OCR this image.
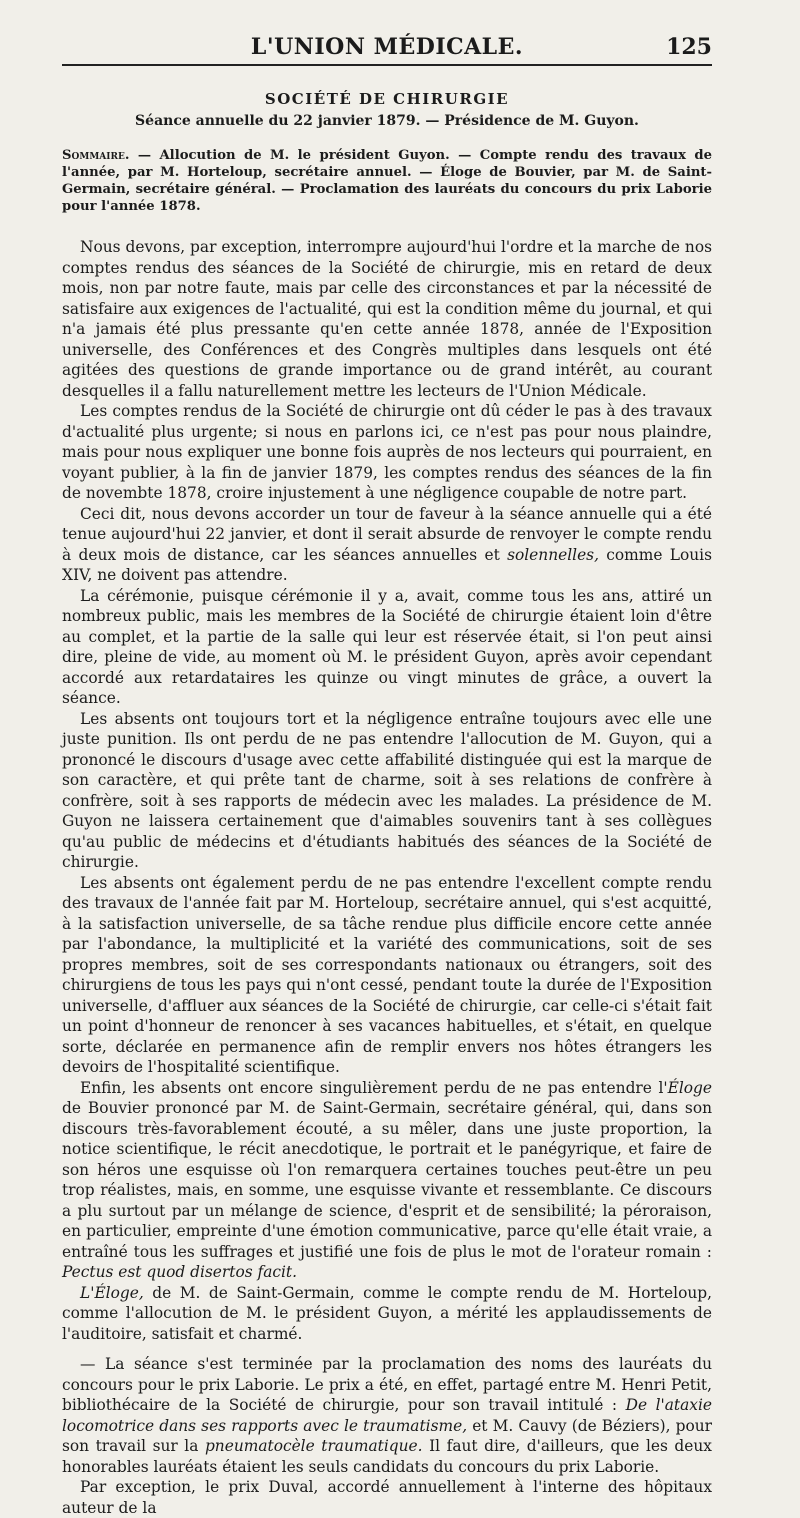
L'UNION MÉDICALE.	125
SOCIÉTÉ DE CHIRURGIE
Séance annuelle du 22 janvier 1879. — Présidence de M. Guyon.

Sommaire. — Allocution de M. le président Guyon. — Compte rendu des travaux de l'année, par M. Horteloup, secrétaire annuel. — Éloge de Bouvier, par M. de Saint-Germain, secrétaire général. — Proclamation des lauréats du concours du prix Laborie pour l'année 1878.

Nous devons, par exception, interrompre aujourd'hui l'ordre et la marche de nos comptes rendus des séances de la Société de chirurgie, mis en retard de deux mois, non par notre faute, mais par celle des circonstances et par la nécessité de satisfaire aux exigences de l'actualité, qui est la condition même du journal, et qui n'a jamais été plus pressante qu'en cette année 1878, année de l'Exposition universelle, des Conférences et des Congrès multiples dans lesquels ont été agitées des questions de grande importance ou de grand intérêt, au courant desquelles il a fallu naturellement mettre les lecteurs de l'Union Médicale.

Les comptes rendus de la Société de chirurgie ont dû céder le pas à des travaux d'actualité plus urgente; si nous en parlons ici, ce n'est pas pour nous plaindre, mais pour nous expliquer une bonne fois auprès de nos lecteurs qui pourraient, en voyant publier, à la fin de janvier 1879, les comptes rendus des séances de la fin de novembte 1878, croire injustement à une négligence coupable de notre part.

Ceci dit, nous devons accorder un tour de faveur à la séance annuelle qui a été tenue aujourd'hui 22 janvier, et dont il serait absurde de renvoyer le compte rendu à deux mois de distance, car les séances annuelles et solennelles, comme Louis XIV, ne doivent pas attendre.

La cérémonie, puisque cérémonie il y a, avait, comme tous les ans, attiré un nombreux public, mais les membres de la Société de chirurgie étaient loin d'être au complet, et la partie de la salle qui leur est réservée était, si l'on peut ainsi dire, pleine de vide, au moment où M. le président Guyon, après avoir cependant accordé aux retardataires les quinze ou vingt minutes de grâce, a ouvert la séance.

Les absents ont toujours tort et la négligence entraîne toujours avec elle une juste punition. Ils ont perdu de ne pas entendre l'allocution de M. Guyon, qui a prononcé le discours d'usage avec cette affabilité distinguée qui est la marque de son caractère, et qui prête tant de charme, soit à ses relations de confrère à confrère, soit à ses rapports de médecin avec les malades. La présidence de M. Guyon ne laissera certainement que d'aimables souvenirs tant à ses collègues qu'au public de médecins et d'étudiants habitués des séances de la Société de chirurgie.

Les absents ont également perdu de ne pas entendre l'excellent compte rendu des travaux de l'année fait par M. Horteloup, secrétaire annuel, qui s'est acquitté, à la satisfaction universelle, de sa tâche rendue plus difficile encore cette année par l'abondance, la multiplicité et la variété des communications, soit de ses propres membres, soit de ses correspondants nationaux ou étrangers, soit des chirurgiens de tous les pays qui n'ont cessé, pendant toute la durée de l'Exposition universelle, d'affluer aux séances de la Société de chirurgie, car celle-ci s'était fait un point d'honneur de renoncer à ses vacances habituelles, et s'était, en quelque sorte, déclarée en permanence afin de remplir envers nos hôtes étrangers les devoirs de l'hospitalité scientifique.

Enfin, les absents ont encore singulièrement perdu de ne pas entendre l'Éloge de Bouvier prononcé par M. de Saint-Germain, secrétaire général, qui, dans son discours très-favorablement écouté, a su mêler, dans une juste proportion, la notice scientifique, le récit anecdotique, le portrait et le panégyrique, et faire de son héros une esquisse où l'on remarquera certaines touches peut-être un peu trop réalistes, mais, en somme, une esquisse vivante et ressemblante. Ce discours a plu surtout par un mélange de science, d'esprit et de sensibilité; la péroraison, en particulier, empreinte d'une émotion communicative, parce qu'elle était vraie, a entraîné tous les suffrages et justifié une fois de plus le mot de l'orateur romain : Pectus est quod disertos facit.

L'Éloge, de M. de Saint-Germain, comme le compte rendu de M. Horteloup, comme l'allocution de M. le président Guyon, a mérité les applaudissements de l'auditoire, satisfait et charmé.

— La séance s'est terminée par la proclamation des noms des lauréats du concours pour le prix Laborie. Le prix a été, en effet, partagé entre M. Henri Petit, bibliothécaire de la Société de chirurgie, pour son travail intitulé : De l'ataxie locomotrice dans ses rapports avec le traumatisme, et M. Cauvy (de Béziers), pour son travail sur la pneumatocèle traumatique. Il faut dire, d'ailleurs, que les deux honorables lauréats étaient les seuls candidats du concours du prix Laborie.

Par exception, le prix Duval, accordé annuellement à l'interne des hôpitaux auteur de la
